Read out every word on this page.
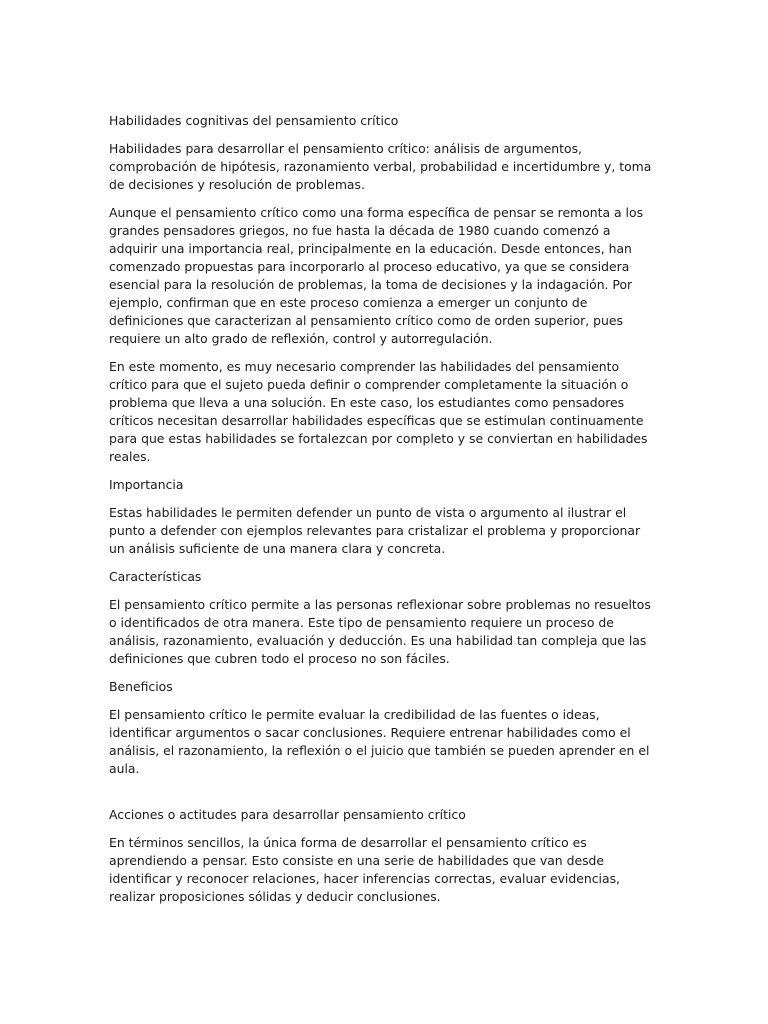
Habilidades cognitivas del pensamiento crítico

Habilidades para desarrollar el pensamiento crítico: análisis de argumentos, comprobación de hipótesis, razonamiento verbal, probabilidad e incertidumbre y, toma de decisiones y resolución de problemas.

Aunque el pensamiento crítico como una forma específica de pensar se remonta a los grandes pensadores griegos, no fue hasta la década de 1980 cuando comenzó a adquirir una importancia real, principalmente en la educación. Desde entonces, han comenzado propuestas para incorporarlo al proceso educativo, ya que se considera esencial para la resolución de problemas, la toma de decisiones y la indagación. Por ejemplo, confirman que en este proceso comienza a emerger un conjunto de definiciones que caracterizan al pensamiento crítico como de orden superior, pues requiere un alto grado de reflexión, control y autorregulación.

En este momento, es muy necesario comprender las habilidades del pensamiento crítico para que el sujeto pueda definir o comprender completamente la situación o problema que lleva a una solución. En este caso, los estudiantes como pensadores críticos necesitan desarrollar habilidades específicas que se estimulan continuamente para que estas habilidades se fortalezcan por completo y se conviertan en habilidades reales.

Importancia

Estas habilidades le permiten defender un punto de vista o argumento al ilustrar el punto a defender con ejemplos relevantes para cristalizar el problema y proporcionar un análisis suficiente de una manera clara y concreta.

Características

El pensamiento crítico permite a las personas reflexionar sobre problemas no resueltos o identificados de otra manera. Este tipo de pensamiento requiere un proceso de análisis, razonamiento, evaluación y deducción. Es una habilidad tan compleja que las definiciones que cubren todo el proceso no son fáciles.

Beneficios

El pensamiento crítico le permite evaluar la credibilidad de las fuentes o ideas, identificar argumentos o sacar conclusiones. Requiere entrenar habilidades como el análisis, el razonamiento, la reflexión o el juicio que también se pueden aprender en el aula.

Acciones o actitudes para desarrollar pensamiento crítico

En términos sencillos, la única forma de desarrollar el pensamiento crítico es aprendiendo a pensar. Esto consiste en una serie de habilidades que van desde identificar y reconocer relaciones, hacer inferencias correctas, evaluar evidencias, realizar proposiciones sólidas y deducir conclusiones.
